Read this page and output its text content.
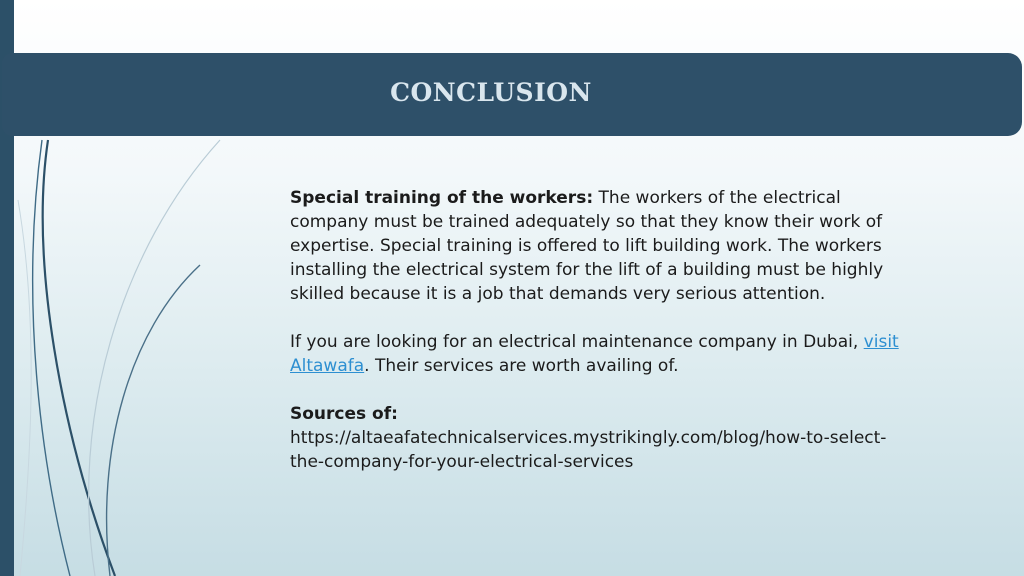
CONCLUSION

Special training of the workers: The workers of the electrical company must be trained adequately so that they know their work of expertise. Special training is offered to lift building work. The workers installing the electrical system for the lift of a building must be highly skilled because it is a job that demands very serious attention.

If you are looking for an electrical maintenance company in Dubai, visit Altawafa. Their services are worth availing of.

Sources of:

https://altaeafatechnicalservices.mystrikingly.com/blog/how-to-select-the-company-for-your-electrical-services
